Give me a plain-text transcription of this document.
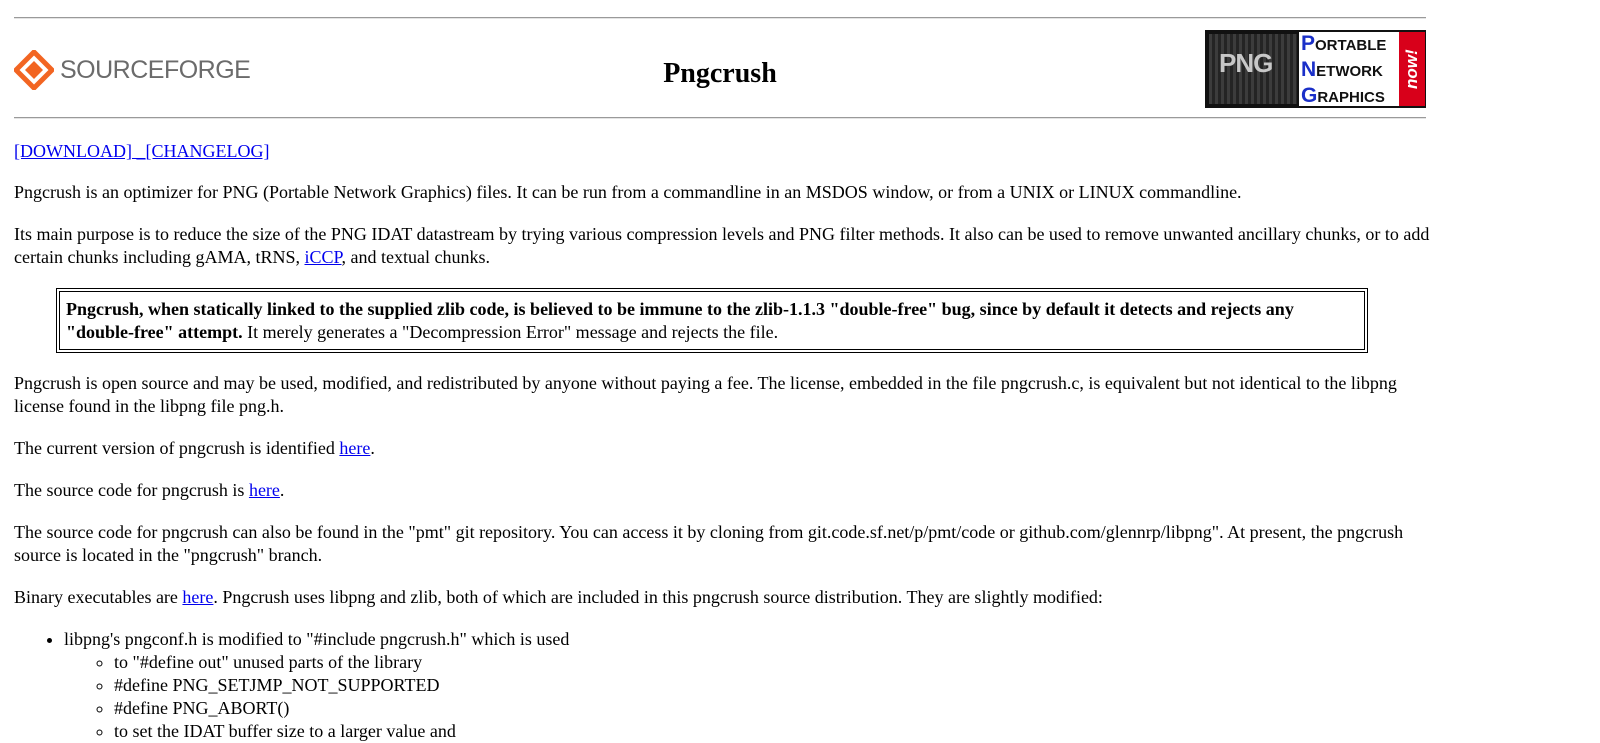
SOURCEFORGE	Pngcrush	PNG
PORTABLE
NETWORK
GRAPHICS
now!

[DOWNLOAD] _[CHANGELOG]

Pngcrush is an optimizer for PNG (Portable Network Graphics) files. It can be run from a commandline in an MSDOS window, or from a UNIX or LINUX commandline.

Its main purpose is to reduce the size of the PNG IDAT datastream by trying various compression levels and PNG filter methods. It also can be used to remove unwanted ancillary chunks, or to add certain chunks including gAMA, tRNS, iCCP, and textual chunks.

Pngcrush, when statically linked to the supplied zlib code, is believed to be immune to the zlib-1.1.3 "double-free" bug, since by default it detects and rejects any "double-free" attempt. It merely generates a "Decompression Error" message and rejects the file.

Pngcrush is open source and may be used, modified, and redistributed by anyone without paying a fee. The license, embedded in the file pngcrush.c, is equivalent but not identical to the libpng license found in the libpng file png.h.

The current version of pngcrush is identified here.

The source code for pngcrush is here.

The source code for pngcrush can also be found in the "pmt" git repository. You can access it by cloning from git.code.sf.net/p/pmt/code or github.com/glennrp/libpng". At present, the pngcrush source is located in the "pngcrush" branch.

Binary executables are here. Pngcrush uses libpng and zlib, both of which are included in this pngcrush source distribution. They are slightly modified:

• libpng's pngconf.h is modified to "#include pngcrush.h" which is used
◦ to "#define out" unused parts of the library
◦ #define PNG_SETJMP_NOT_SUPPORTED
◦ #define PNG_ABORT()
◦ to set the IDAT buffer size to a larger value and
